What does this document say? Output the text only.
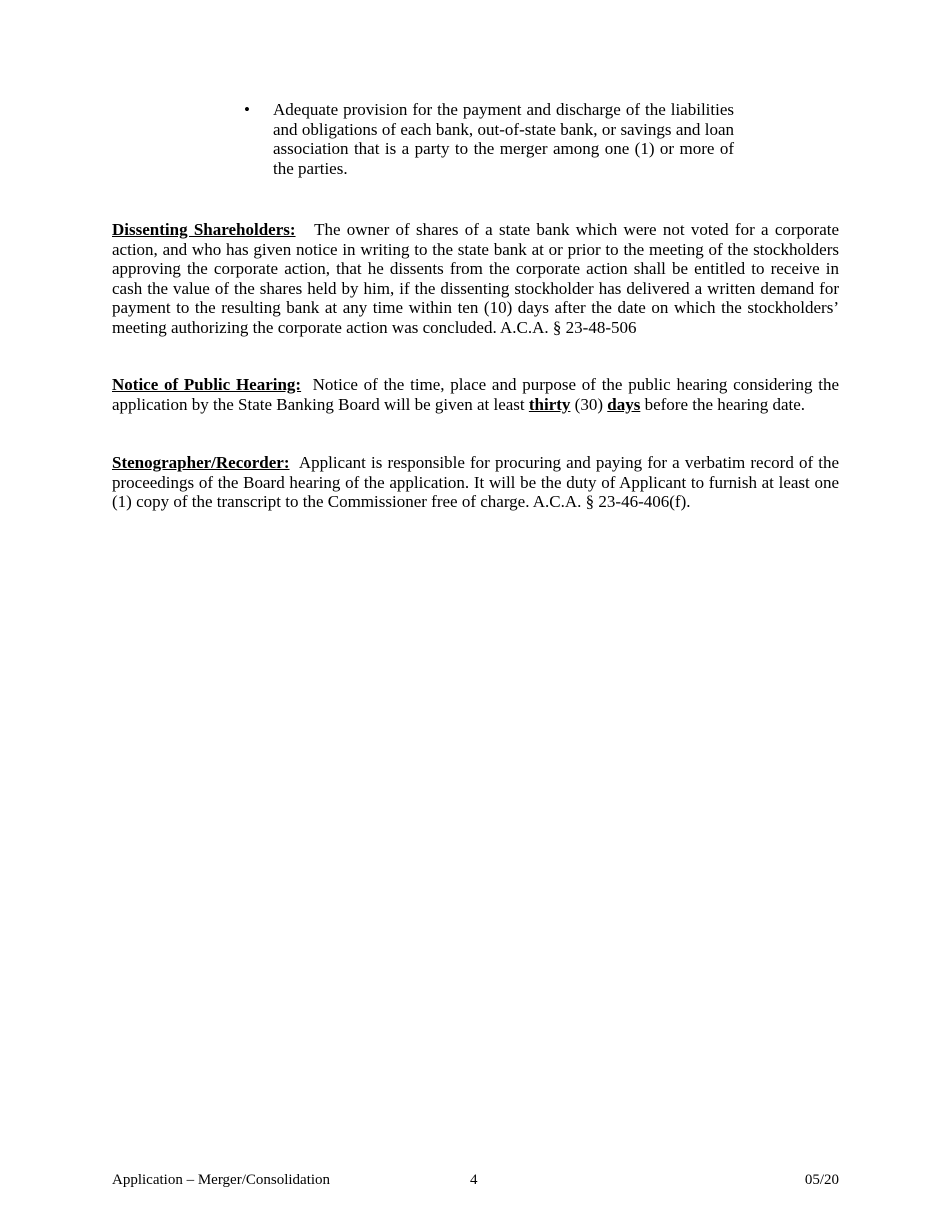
• Adequate provision for the payment and discharge of the liabilities and obligations of each bank, out-of-state bank, or savings and loan association that is a party to the merger among one (1) or more of the parties.

Dissenting Shareholders: The owner of shares of a state bank which were not voted for a corporate action, and who has given notice in writing to the state bank at or prior to the meeting of the stockholders approving the corporate action, that he dissents from the corporate action shall be entitled to receive in cash the value of the shares held by him, if the dissenting stockholder has delivered a written demand for payment to the resulting bank at any time within ten (10) days after the date on which the stockholders’ meeting authorizing the corporate action was concluded. A.C.A. § 23-48-506

Notice of Public Hearing: Notice of the time, place and purpose of the public hearing considering the application by the State Banking Board will be given at least thirty (30) days before the hearing date.

Stenographer/Recorder: Applicant is responsible for procuring and paying for a verbatim record of the proceedings of the Board hearing of the application. It will be the duty of Applicant to furnish at least one (1) copy of the transcript to the Commissioner free of charge. A.C.A. § 23-46-406(f).

Application – Merger/Consolidation	4	05/20
